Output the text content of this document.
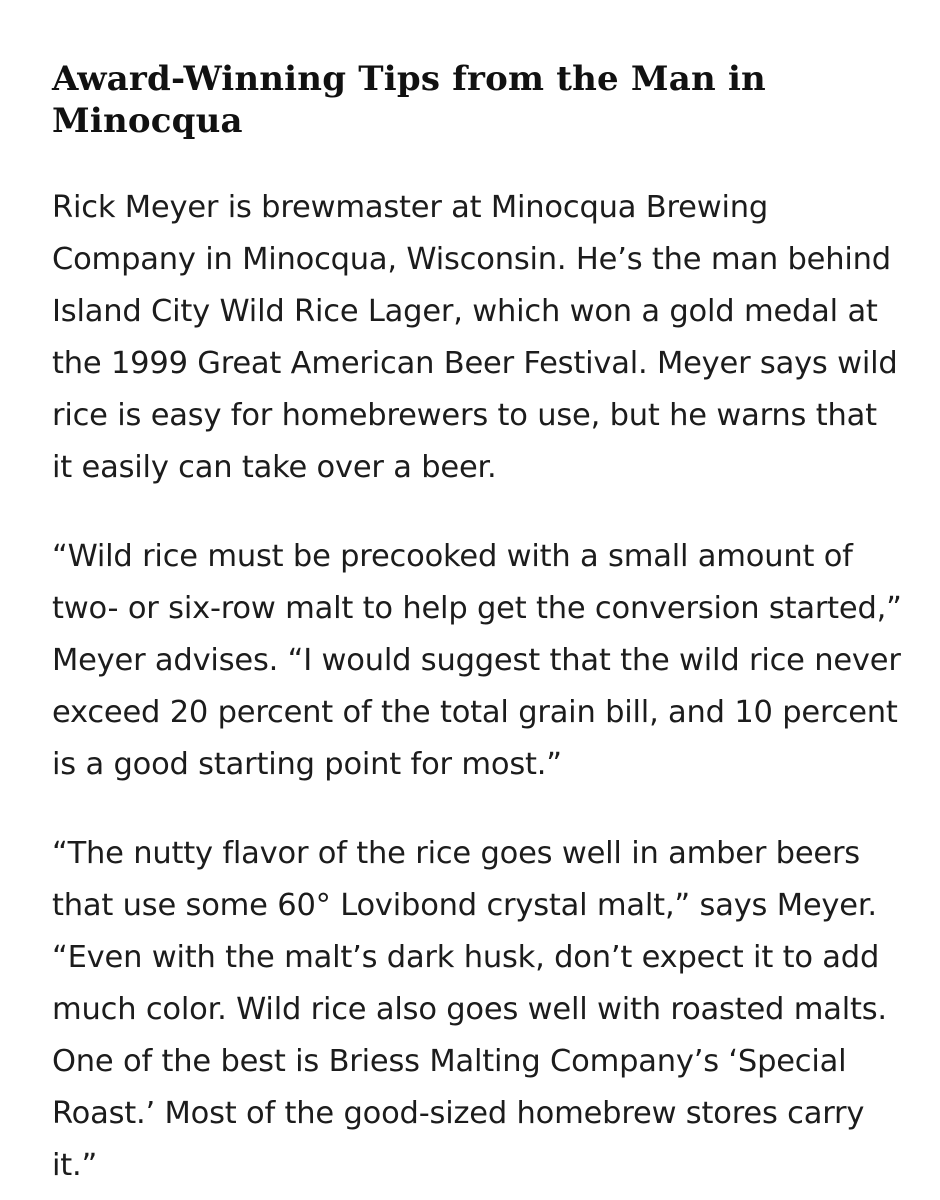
Award-Winning Tips from the Man in Minocqua

Rick Meyer is brewmaster at Minocqua Brewing Company in Minocqua, Wisconsin. He’s the man behind Island City Wild Rice Lager, which won a gold medal at the 1999 Great American Beer Festival. Meyer says wild rice is easy for homebrewers to use, but he warns that it easily can take over a beer.

“Wild rice must be precooked with a small amount of two- or six-row malt to help get the conversion started,” Meyer advises. “I would suggest that the wild rice never exceed 20 percent of the total grain bill, and 10 percent is a good starting point for most.”

“The nutty flavor of the rice goes well in amber beers that use some 60° Lovibond crystal malt,” says Meyer. “Even with the malt’s dark husk, don’t expect it to add much color. Wild rice also goes well with roasted malts. One of the best is Briess Malting Company’s ‘Special Roast.’ Most of the good-sized homebrew stores carry it.”
